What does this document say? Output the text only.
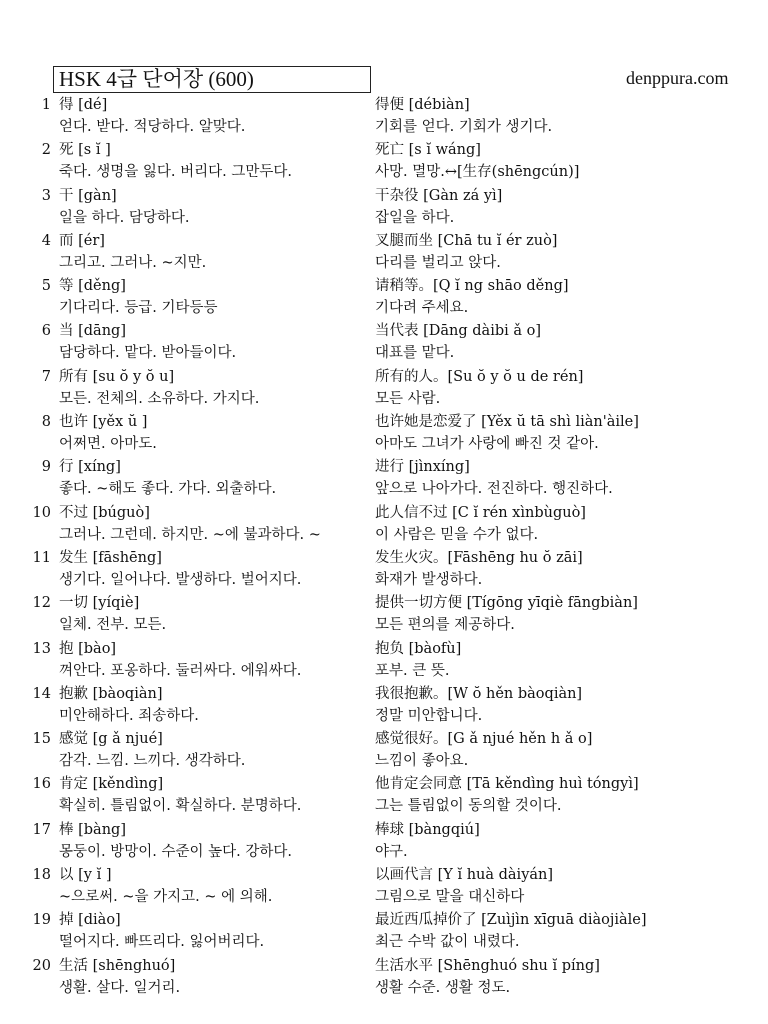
HSK 4급 단어장 (600)	denppura.com
1 得 [dé]
얻다. 받다. 적당하다. 알맞다.
得便 [débiàn]
기회를 얻다. 기회가 생기다.
2 死 [s ĭ ]
죽다. 생명을 잃다. 버리다. 그만두다.
死亡 [s ĭ wáng]
사망. 멸망.↔[生存(shēngcún)]
3 干 [gàn]
일을 하다. 담당하다.
干杂役 [Gàn zá yì]
잡일을 하다.
4 而 [ér]
그리고. 그러나. ~지만.
叉腿而坐 [Chā tu ĭ ér zuò]
다리를 벌리고 앉다.
5 等 [děng]
기다리다. 등급. 기타등등
请稍等。[Q ĭ ng shāo děng]
기다려 주세요.
6 当 [dāng]
담당하다. 맡다. 받아들이다.
当代表 [Dāng dàibi ǎ o]
대표를 맡다.
7 所有 [su ŏ y ŏ u]
모든. 전체의. 소유하다. 가지다.
所有的人。[Su ŏ y ŏ u de rén]
모든 사람.
8 也许 [yěx ŭ ]
어쩌면. 아마도.
也许她是恋爱了 [Yěx ŭ tā shì liàn'àile]
아마도 그녀가 사랑에 빠진 것 같아.
9 行 [xíng]
좋다. ~해도 좋다. 가다. 외출하다.
进行 [jìnxíng]
앞으로 나아가다. 전진하다. 행진하다.
10 不过 [búguò]
그러나. 그런데. 하지만. ~에 불과하다. ~
此人信不过 [C ĭ rén xìnbùguò]
이 사람은 믿을 수가 없다.
11 发生 [fāshēng]
생기다. 일어나다. 발생하다. 벌어지다.
发生火灾。[Fāshēng hu ŏ zāi]
화재가 발생하다.
12 一切 [yíqiè]
일체. 전부. 모든.
提供一切方便 [Tígōng yīqiè fāngbiàn]
모든 편의를 제공하다.
13 抱 [bào]
껴안다. 포옹하다. 둘러싸다. 에워싸다.
抱负 [bàofù]
포부. 큰 뜻.
14 抱歉 [bàoqiàn]
미안해하다. 죄송하다.
我很抱歉。[W ŏ hěn bàoqiàn]
정말 미안합니다.
15 感觉 [g ǎ njué]
감각. 느낌. 느끼다. 생각하다.
感觉很好。[G ǎ njué hěn h ǎ o]
느낌이 좋아요.
16 肯定 [kěndìng]
확실히. 틀림없이. 확실하다. 분명하다.
他肯定会同意 [Tā kěndìng huì tóngyì]
그는 틀림없이 동의할 것이다.
17 棒 [bàng]
몽둥이. 방망이. 수준이 높다. 강하다.
棒球 [bàngqiú]
야구.
18 以 [y ĭ ]
~으로써. ~을 가지고. ~ 에 의해.
以画代言 [Y ĭ huà dàiyán]
그림으로 말을 대신하다
19 掉 [diào]
떨어지다. 빠뜨리다. 잃어버리다.
最近西瓜掉价了 [Zuìjìn xīguā diàojiàle]
최근 수박 값이 내렸다.
20 生活 [shēnghuó]
생활. 살다. 일거리.
生活水平 [Shēnghuó shu ĭ píng]
생활 수준. 생활 정도.
